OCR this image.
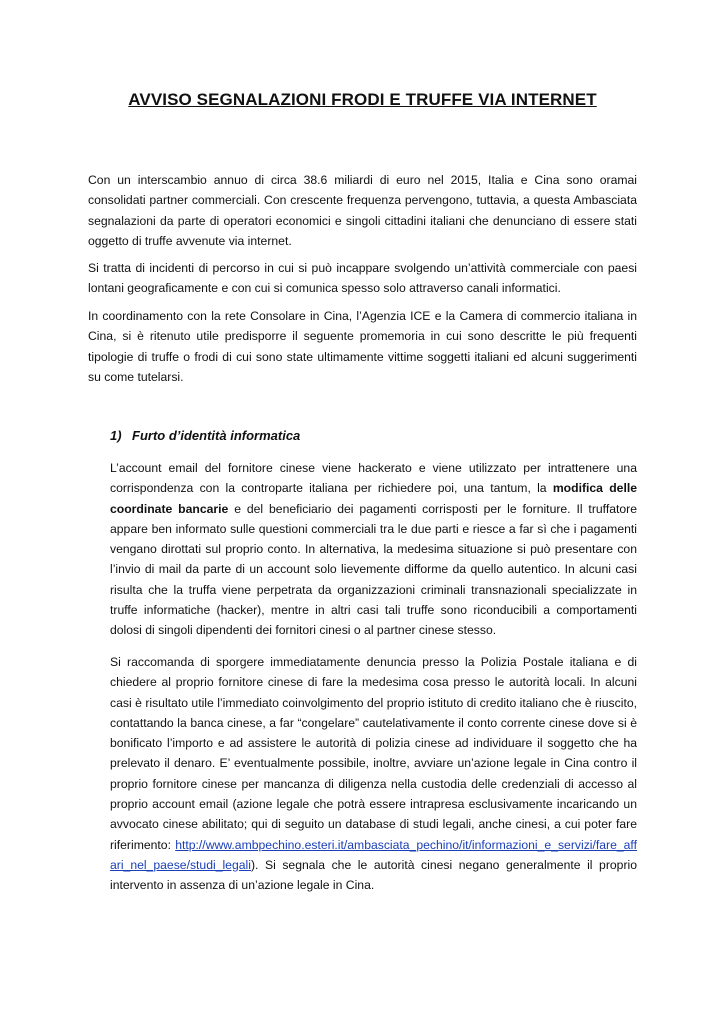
AVVISO SEGNALAZIONI FRODI E TRUFFE VIA INTERNET

Con un interscambio annuo di circa 38.6 miliardi di euro nel 2015, Italia e Cina sono oramai consolidati partner commerciali. Con crescente frequenza pervengono, tuttavia, a questa Ambasciata segnalazioni da parte di operatori economici e singoli cittadini italiani che denunciano di essere stati oggetto di truffe avvenute via internet.

Si tratta di incidenti di percorso in cui si può incappare svolgendo un’attività commerciale con paesi lontani geograficamente e con cui si comunica spesso solo attraverso canali informatici.

In coordinamento con la rete Consolare in Cina, l’Agenzia ICE e la Camera di commercio italiana in Cina, si è ritenuto utile predisporre il seguente promemoria in cui sono descritte le più frequenti tipologie di truffe o frodi di cui sono state ultimamente vittime soggetti italiani ed alcuni suggerimenti su come tutelarsi.

1) Furto d’identità informatica

L’account email del fornitore cinese viene hackerato e viene utilizzato per intrattenere una corrispondenza con la controparte italiana per richiedere poi, una tantum, la modifica delle coordinate bancarie e del beneficiario dei pagamenti corrisposti per le forniture. Il truffatore appare ben informato sulle questioni commerciali tra le due parti e riesce a far sì che i pagamenti vengano dirottati sul proprio conto. In alternativa, la medesima situazione si può presentare con l’invio di mail da parte di un account solo lievemente difforme da quello autentico. In alcuni casi risulta che la truffa viene perpetrata da organizzazioni criminali transnazionali specializzate in truffe informatiche (hacker), mentre in altri casi tali truffe sono riconducibili a comportamenti dolosi di singoli dipendenti dei fornitori cinesi o al partner cinese stesso.

Si raccomanda di sporgere immediatamente denuncia presso la Polizia Postale italiana e di chiedere al proprio fornitore cinese di fare la medesima cosa presso le autorità locali. In alcuni casi è risultato utile l’immediato coinvolgimento del proprio istituto di credito italiano che è riuscito, contattando la banca cinese, a far “congelare” cautelativamente il conto corrente cinese dove si è bonificato l’importo e ad assistere le autorità di polizia cinese ad individuare il soggetto che ha prelevato il denaro. E’ eventualmente possibile, inoltre, avviare un’azione legale in Cina contro il proprio fornitore cinese per mancanza di diligenza nella custodia delle credenziali di accesso al proprio account email (azione legale che potrà essere intrapresa esclusivamente incaricando un avvocato cinese abilitato; qui di seguito un database di studi legali, anche cinesi, a cui poter fare riferimento: http://www.ambpechino.esteri.it/ambasciata_pechino/it/informazioni_e_servizi/fare_affari_nel_paese/studi_legali). Si segnala che le autorità cinesi negano generalmente il proprio intervento in assenza di un’azione legale in Cina.
